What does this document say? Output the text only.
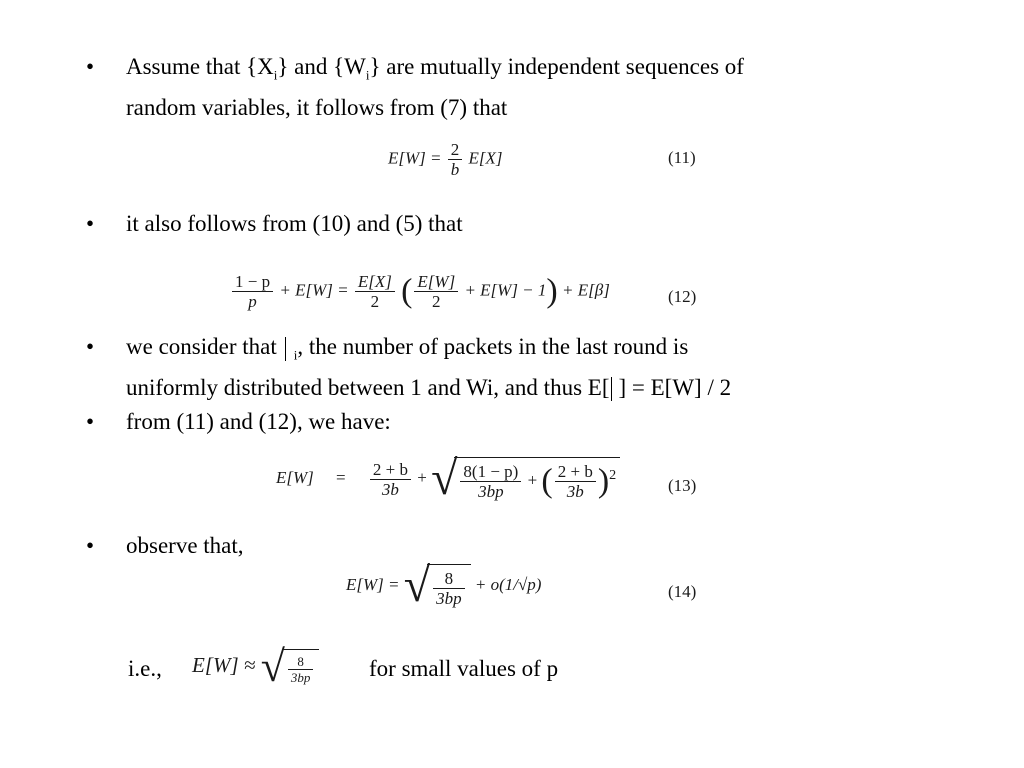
• Assume that $\{X_i\}$ and $\{W_i\}$ are mutually independent sequences of
random variables, it follows from (7) that
$E[W] = \frac{2}{b} E[X]$	(11)
• it also follows from (10) and (5) that
$\frac{1 - p}{p} + E[W] = \frac{E[X]}{2}$ ( $\frac{E[W]}{2} + E[W] - 1) + E[\beta]$	(12)
• we consider that $_i$, the number of packets in the last round is
uniformly distributed between 1 and Wi, and thus E[ ] = E[W] / 2
• from (11) and (12), we have:
$E[W] = \frac{2 + b}{3b}$ + √ $\frac{8(1 - p)}{3bp}$ + ( $\frac{2 + b}{3b} )^2$
(13)
• observe that,
E[W] = √ $\frac{8}{3bp} + o(1/√p)$	(14)
i.e., E[W] ≈ √ $\frac{8}{3bp}$ for small values of p
